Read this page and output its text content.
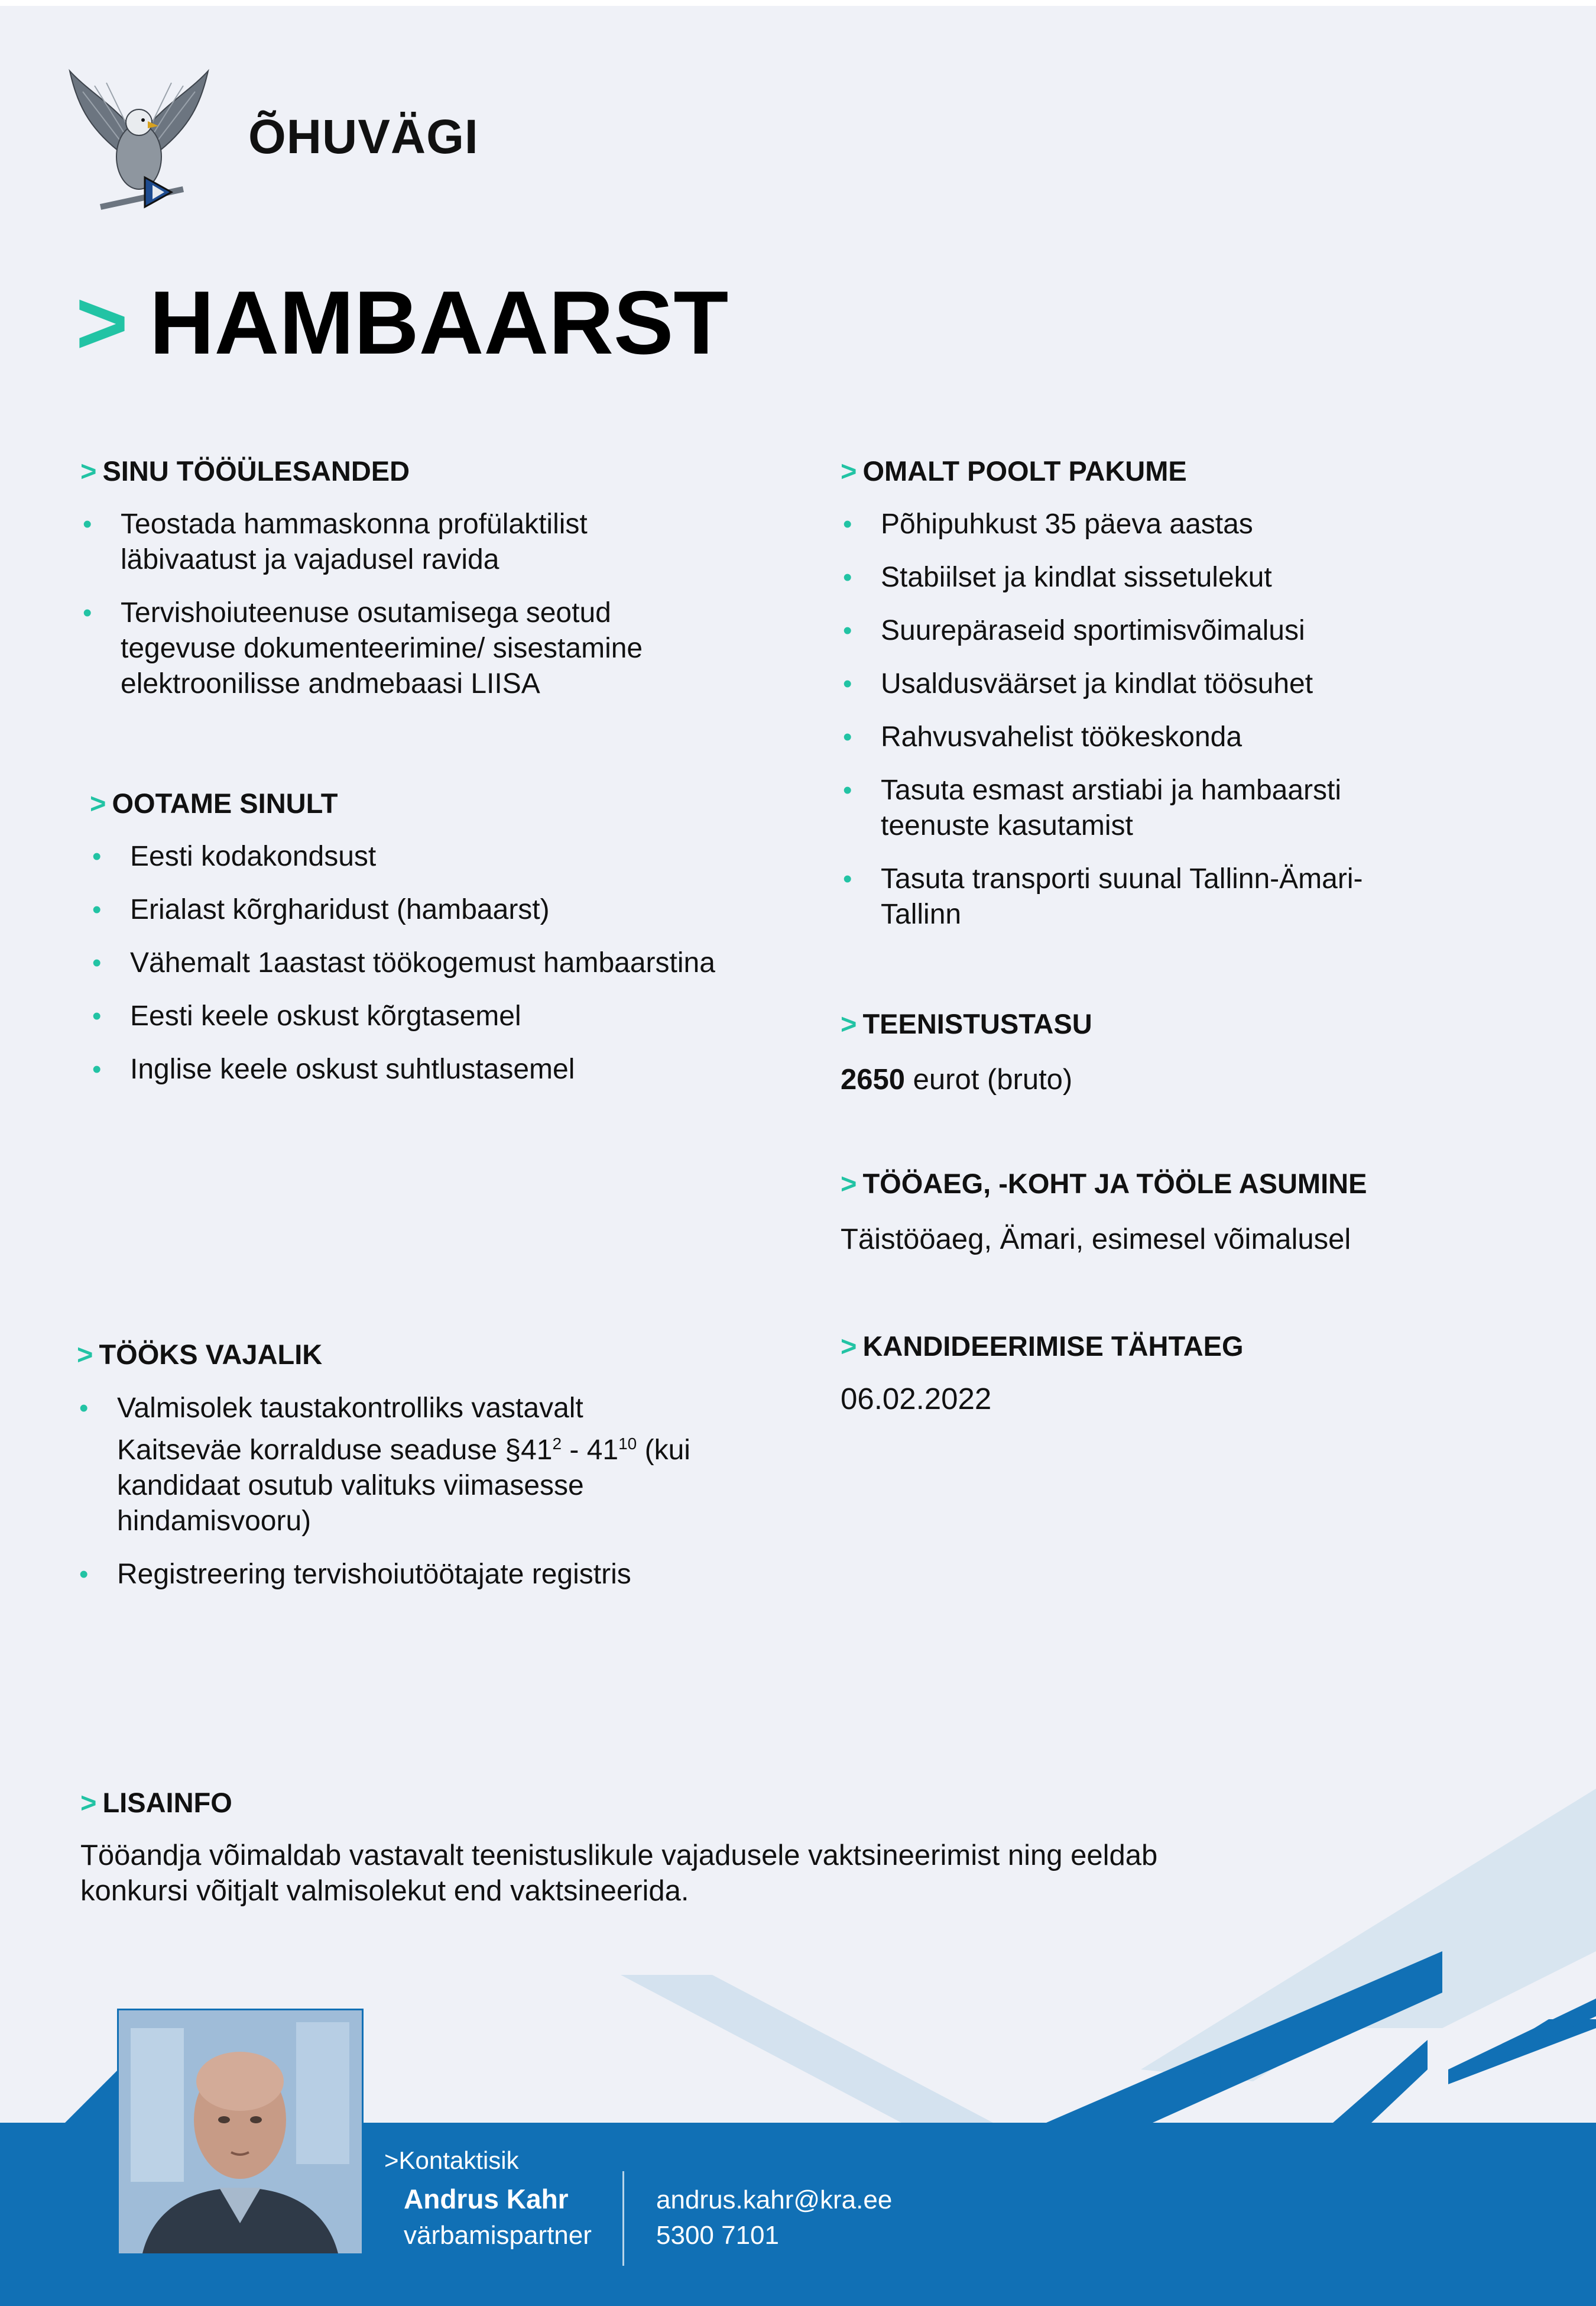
ÕHUVÄGI
> HAMBAARST
> SINU TÖÖÜLESANDED
• Teostada hammaskonna profülaktilist läbivaatust ja vajadusel ravida
• Tervishoiuteenuse osutamisega seotud tegevuse dokumenteerimine/ sisestamine elektroonilisse andmebaasi LIISA
> OOTAME SINULT
• Eesti kodakondsust
• Erialast kõrgharidust (hambaarst)
• Vähemalt 1aastast töökogemust hambaarstina
• Eesti keele oskust kõrgtasemel
• Inglise keele oskust suhtlustasemel
> TÖÖKS VAJALIK
• Valmisolek taustakontrolliks vastavalt
Kaitseväe korralduse seaduse $\S 41^2 - 41^{10}$ (kui
kandidaat osutub valituks viimasesse
hindamisvooru)
• Registreering tervishoiutöötajate registris
> OMALT POOLT PAKUME
• Põhipuhkust 35 päeva aastas
• Stabiilset ja kindlat sissetulekut
• Suurepäraseid sportimisvõimalusi
• Usaldusväärset ja kindlat töösuhet
• Rahvusvahelist töökeskonda
• Tasuta esmast arstiabi ja hambaarsti teenuste kasutamist
• Tasuta transporti suunal Tallinn-Ämari-Tallinn
> TEENISTUSTASU
2650 eurot (bruto)
> TÖÖAEG, -KOHT JA TÖÖLE ASUMINE
Täistööaeg, Ämari, esimesel võimalusel
> KANDIDEERIMISE TÄHTAEG
06.02.2022
> LISAINFO
Tööandja võimaldab vastavalt teenistuslikule vajadusele vaktsineerimist ning eeldab
konkursi võitjalt valmisolekut end vaktsineerida.
>Kontaktisik
Andrus Kahr
värbamispartner
andrus.kahr@kra.ee
5300 7101
